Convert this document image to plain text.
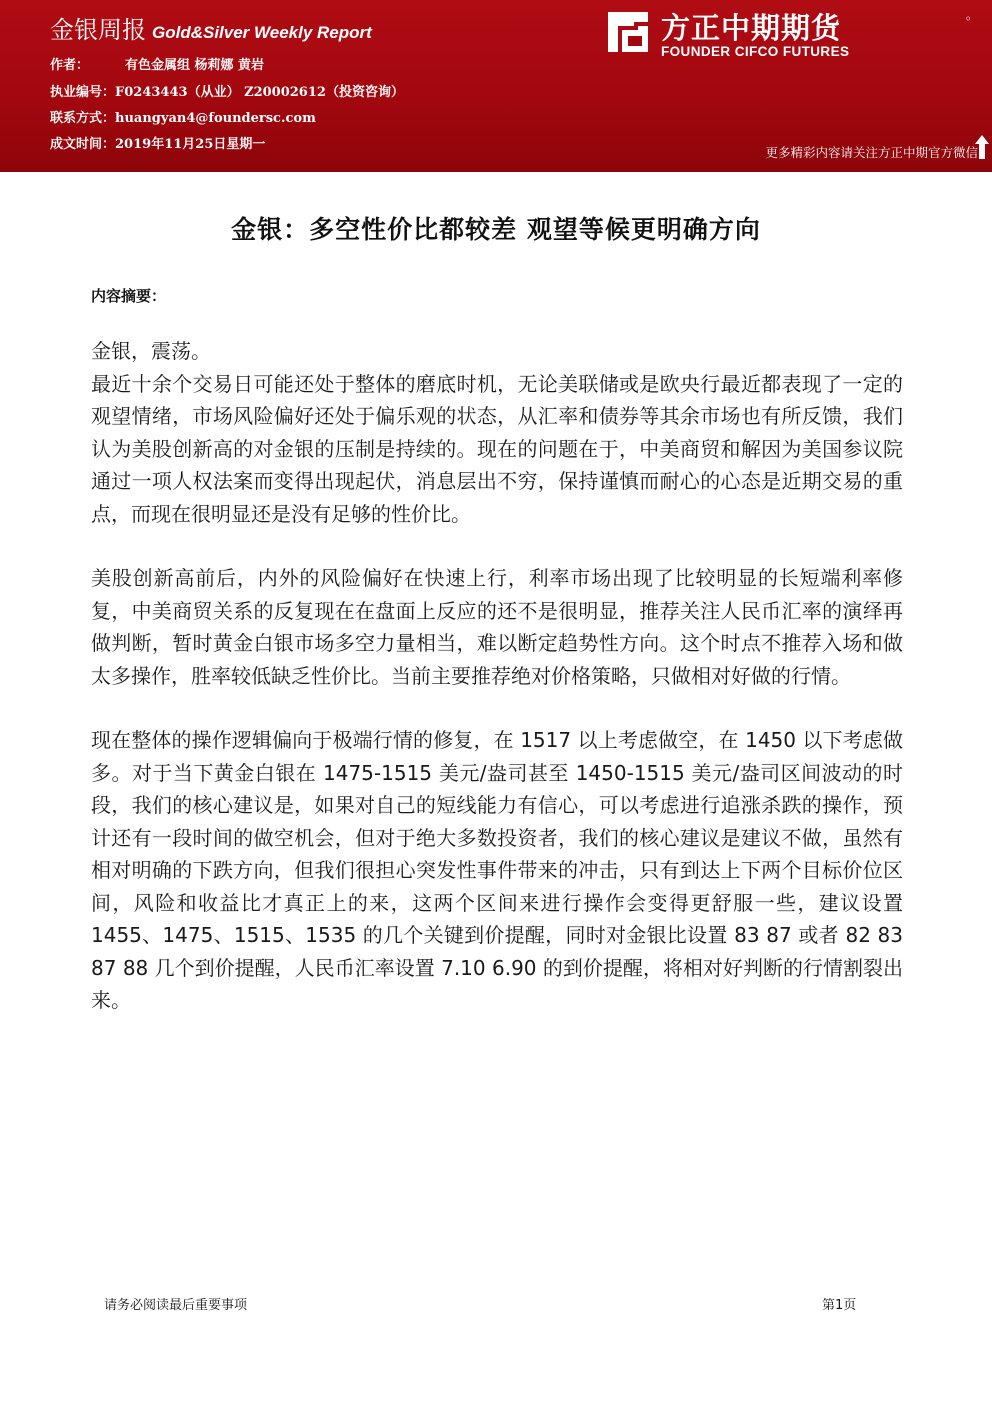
金银周报 Gold&Silver Weekly Report
作者：	有色金属组 杨莉娜 黄岩
执业编号：F0243443（从业） Z20002612（投资咨询）
联系方式：huangyan4@foundersc.com
成文时间：2019年11月25日星期一
方正中期期货
FOUNDER CIFCO FUTURES
。
更多精彩内容请关注方正中期官方微信
金银：多空性价比都较差 观望等候更明确方向
内容摘要：

金银，震荡。

最近十余个交易日可能还处于整体的磨底时机，无论美联储或是欧央行最近都表现了一定的观望情绪，市场风险偏好还处于偏乐观的状态，从汇率和债券等其余市场也有所反馈，我们认为美股创新高的对金银的压制是持续的。现在的问题在于，中美商贸和解因为美国参议院通过一项人权法案而变得出现起伏，消息层出不穷，保持谨慎而耐心的心态是近期交易的重点，而现在很明显还是没有足够的性价比。

美股创新高前后，内外的风险偏好在快速上行，利率市场出现了比较明显的长短端利率修复，中美商贸关系的反复现在在盘面上反应的还不是很明显，推荐关注人民币汇率的演绎再做判断，暂时黄金白银市场多空力量相当，难以断定趋势性方向。这个时点不推荐入场和做太多操作，胜率较低缺乏性价比。当前主要推荐绝对价格策略，只做相对好做的行情。

现在整体的操作逻辑偏向于极端行情的修复，在 1517 以上考虑做空，在 1450 以下考虑做多。对于当下黄金白银在 1475-1515 美元/盎司甚至 1450-1515 美元/盎司区间波动的时段，我们的核心建议是，如果对自己的短线能力有信心，可以考虑进行追涨杀跌的操作，预计还有一段时间的做空机会，但对于绝大多数投资者，我们的核心建议是建议不做，虽然有相对明确的下跌方向，但我们很担心突发性事件带来的冲击，只有到达上下两个目标价位区间，风险和收益比才真正上的来，这两个区间来进行操作会变得更舒服一些，建议设置 1455、1475、1515、1535 的几个关键到价提醒，同时对金银比设置 83 87 或者 82 83 87 88 几个到价提醒，人民币汇率设置 7.10 6.90 的到价提醒，将相对好判断的行情割裂出来。

请务必阅读最后重要事项	第1页
